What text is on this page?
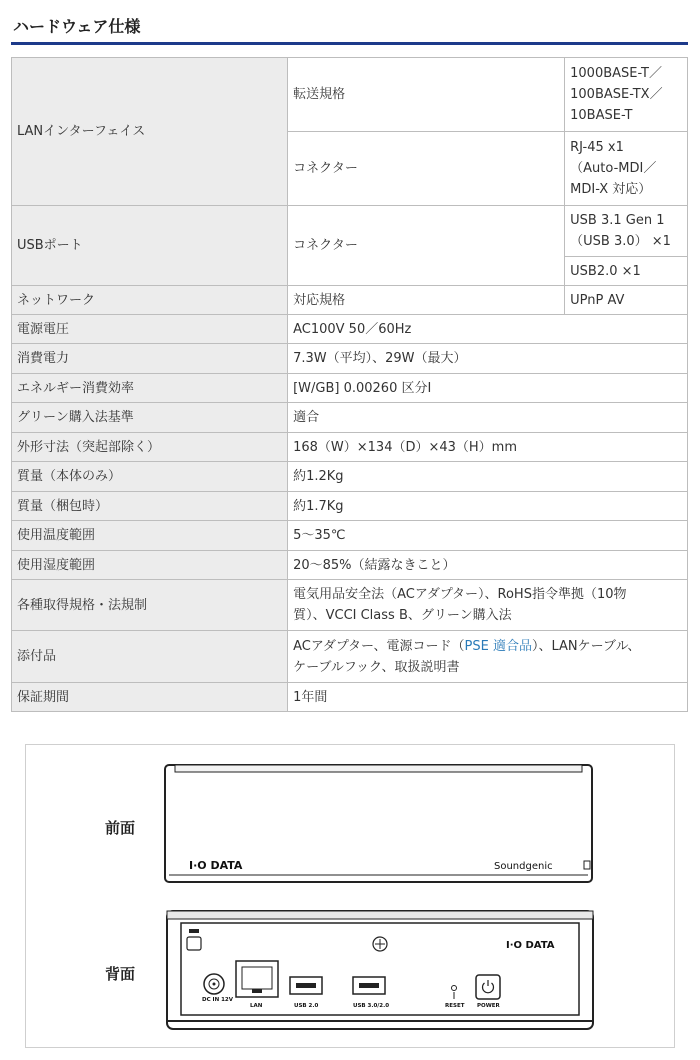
ハードウェア仕様
LANインターフェイス	転送規格	1000BASE-T／
100BASE-TX／
10BASE-T

	コネクター	RJ-45 x1
（Auto-MDI／
MDI-X 対応）

USBポート	コネクター	USB 3.1 Gen 1
（USB 3.0） ×1

		USB2.0 ×1
ネットワーク	対応規格	UPnP AV
電源電圧	AC100V 50／60Hz	
消費電力	7.3W（平均）、29W（最大）	
エネルギー消費効率	[W/GB] 0.00260 区分I	
グリーン購入法基準	適合	
外形寸法（突起部除く）	168（W）×134（D）×43（H）mm	
質量（本体のみ）	約1.2Kg	
質量（梱包時）	約1.7Kg	
使用温度範囲	5～35℃	
使用湿度範囲	20～85%（結露なきこと）	
各種取得規格・法規制	電気用品安全法（ACアダプター）、RoHS指令準拠（10物
質）、VCCI Class B、グリーン購入法	

添付品	ACアダプター、電源コード（PSE 適合品）、LANケーブル、
ケーブルフック、取扱説明書	

保証期間	1年間	
前面
背面
I·O DATA	Soundgenic
I·O DATA
DC IN 12V
LAN	USB 2.0	USB 3.0/2.0	RESET POWER
